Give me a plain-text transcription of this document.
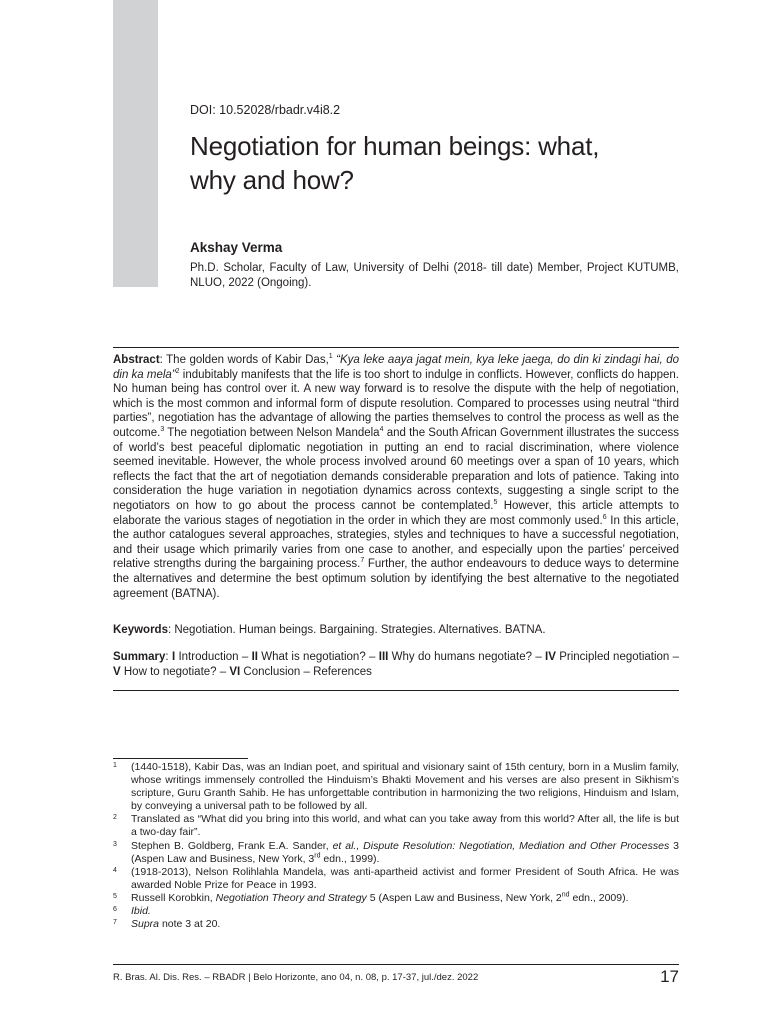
DOI: 10.52028/rbadr.v4i8.2
Negotiation for human beings: what,
why and how?
Akshay Verma
Ph.D. Scholar, Faculty of Law, University of Delhi (2018- till date) Member, Project KUTUMB, NLUO, 2022 (Ongoing).

Abstract: The golden words of Kabir Das,$^1$ “Kya leke aaya jagat mein, kya leke jaega, do din ki zindagi hai, do din ka mela”$^2$ indubitably manifests that the life is too short to indulge in conflicts. However, conflicts do happen. No human being has control over it. A new way forward is to resolve the dispute with the help of negotiation, which is the most common and informal form of dispute resolution. Compared to processes using neutral “third parties”, negotiation has the advantage of allowing the parties themselves to control the process as well as the outcome.$^3$ The negotiation between Nelson Mandela$^4$ and the South African Government illustrates the success of world’s best peaceful diplomatic negotiation in putting an end to racial discrimination, where violence seemed inevitable. However, the whole process involved around 60 meetings over a span of 10 years, which reflects the fact that the art of negotiation demands considerable preparation and lots of patience. Taking into consideration the huge variation in negotiation dynamics across contexts, suggesting a single script to the negotiators on how to go about the process cannot be contemplated.$^5$ However, this article attempts to elaborate the various stages of negotiation in the order in which they are most commonly used.$^6$ In this article, the author catalogues several approaches, strategies, styles and techniques to have a successful negotiation, and their usage which primarily varies from one case to another, and especially upon the parties’ perceived relative strengths during the bargaining process.$^7$ Further, the author endeavours to deduce ways to determine the alternatives and determine the best optimum solution by identifying the best alternative to the negotiated agreement (BATNA).

Keywords: Negotiation. Human beings. Bargaining. Strategies. Alternatives. BATNA.

Summary: I Introduction – II What is negotiation? – III Why do humans negotiate? – IV Principled negotiation – V How to negotiate? – VI Conclusion – References

1 (1440-1518), Kabir Das, was an Indian poet, and spiritual and visionary saint of 15th century, born in a Muslim family, whose writings immensely controlled the Hinduism’s Bhakti Movement and his verses are also present in Sikhism’s scripture, Guru Granth Sahib. He has unforgettable contribution in harmonizing the two religions, Hinduism and Islam, by conveying a universal path to be followed by all.
2 Translated as “What did you bring into this world, and what can you take away from this world? After all, the life is but a two-day fair”.
3 Stephen B. Goldberg, Frank E.A. Sander, et al., Dispute Resolution: Negotiation, Mediation and Other Processes 3 (Aspen Law and Business, New York, 3rd edn., 1999).
4 (1918-2013), Nelson Rolihlahla Mandela, was anti-apartheid activist and former President of South Africa. He was awarded Noble Prize for Peace in 1993.
5 Russell Korobkin, Negotiation Theory and Strategy 5 (Aspen Law and Business, New York, 2nd edn., 2009).
6 Ibid.
7 Supra note 3 at 20.
R. Bras. Al. Dis. Res. – RBADR | Belo Horizonte, ano 04, n. 08, p. 17-37, jul./dez. 2022	17
